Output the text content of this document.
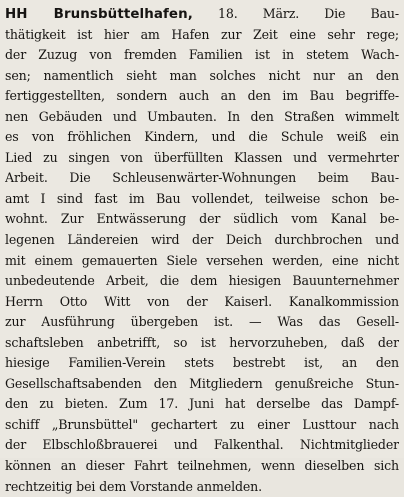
HH Brunsbüttelhafen, 18. März. Die Bau-
thätigkeit ist hier am Hafen zur Zeit eine sehr rege;
der Zuzug von fremden Familien ist in stetem Wach-
sen; namentlich sieht man solches nicht nur an den
fertiggestellten, sondern auch an den im Bau begriffe-
nen Gebäuden und Umbauten. In den Straßen wimmelt
es von fröhlichen Kindern, und die Schule weiß ein
Lied zu singen von überfüllten Klassen und vermehrter
Arbeit. Die Schleusenwärter-Wohnungen beim Bau-
amt I sind fast im Bau vollendet, teilweise schon be-
wohnt. Zur Entwässerung der südlich vom Kanal be-
legenen Ländereien wird der Deich durchbrochen und
mit einem gemauerten Siele versehen werden, eine nicht
unbedeutende Arbeit, die dem hiesigen Bauunternehmer
Herrn Otto Witt von der Kaiserl. Kanalkommission
zur Ausführung übergeben ist. — Was das Gesell-
schaftsleben anbetrifft, so ist hervorzuheben, daß der
hiesige Familien-Verein stets bestrebt ist, an den
Gesellschaftsabenden den Mitgliedern genußreiche Stun-
den zu bieten. Zum 17. Juni hat derselbe das Dampf-
schiff „Brunsbüttel" gechartert zu einer Lusttour nach
der Elbschloßbrauerei und Falkenthal. Nichtmitglieder
können an dieser Fahrt teilnehmen, wenn dieselben sich
rechtzeitig bei dem Vorstande anmelden.
